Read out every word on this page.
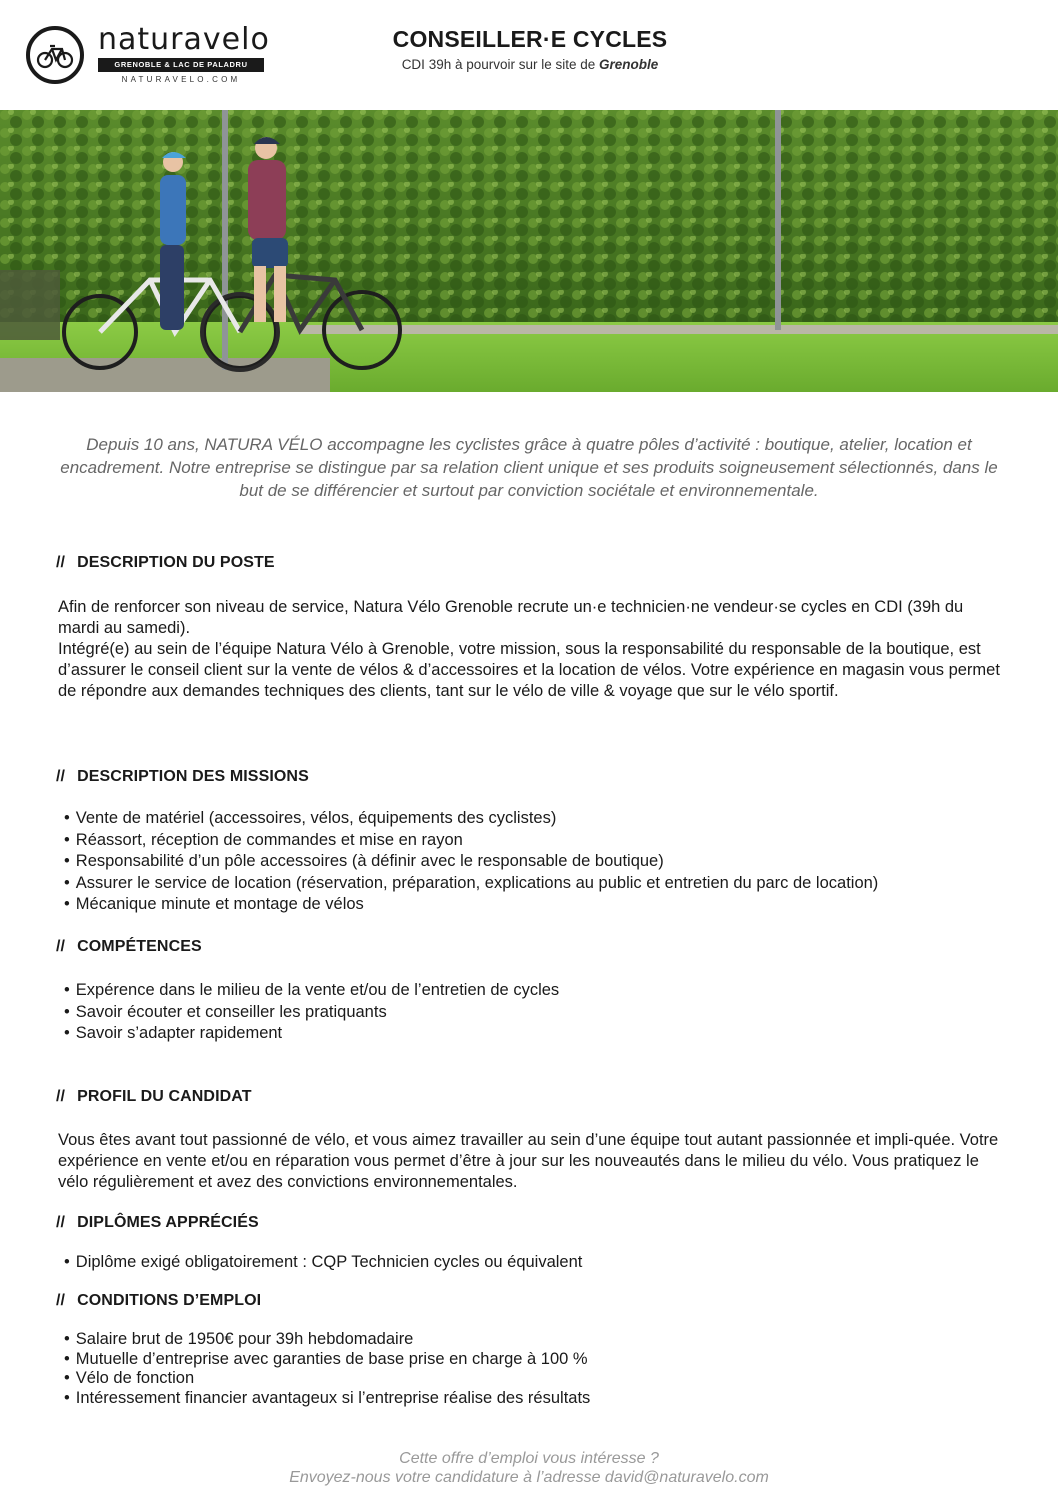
naturavelo
GRENOBLE & LAC DE PALADRU
NATURAVELO.COM
CONSEILLER·E CYCLES
CDI 39h à pourvoir sur le site de Grenoble
Depuis 10 ans, NATURA VÉLO accompagne les cyclistes grâce à quatre pôles d’activité : boutique, atelier, location et encadrement. Notre entreprise se distingue par sa relation client unique et ses produits soigneusement sélectionnés, dans le but de se différencier et surtout par conviction sociétale et environnementale.
// DESCRIPTION DU POSTE
Afin de renforcer son niveau de service, Natura Vélo Grenoble recrute un·e technicien·ne vendeur·se cycles en CDI (39h du mardi au samedi).
Intégré(e) au sein de l’équipe Natura Vélo à Grenoble, votre mission, sous la responsabilité du responsable de la boutique, est d’assurer le conseil client sur la vente de vélos & d’accessoires et la location de vélos. Votre expérience en magasin vous permet de répondre aux demandes techniques des clients, tant sur le vélo de ville & voyage que sur le vélo sportif.
// DESCRIPTION DES MISSIONS
• Vente de matériel (accessoires, vélos, équipements des cyclistes)
• Réassort, réception de commandes et mise en rayon
• Responsabilité d’un pôle accessoires (à définir avec le responsable de boutique)
• Assurer le service de location (réservation, préparation, explications au public et entretien du parc de location)
• Mécanique minute et montage de vélos
// COMPÉTENCES
• Expérence dans le milieu de la vente et/ou de l’entretien de cycles
• Savoir écouter et conseiller les pratiquants
• Savoir s’adapter rapidement
// PROFIL DU CANDIDAT
Vous êtes avant tout passionné de vélo, et vous aimez travailler au sein d’une équipe tout autant passionnée et impli-quée. Votre expérience en vente et/ou en réparation vous permet d’être à jour sur les nouveautés dans le milieu du vélo. Vous pratiquez le vélo régulièrement et avez des convictions environnementales.
// DIPLÔMES APPRÉCIÉS
• Diplôme exigé obligatoirement : CQP Technicien cycles ou équivalent
// CONDITIONS D’EMPLOI
• Salaire brut de 1950€ pour 39h hebdomadaire
• Mutuelle d’entreprise avec garanties de base prise en charge à 100 %
• Vélo de fonction
• Intéressement financier avantageux si l’entreprise réalise des résultats
Cette offre d’emploi vous intéresse ?
Envoyez-nous votre candidature à l’adresse david@naturavelo.com
